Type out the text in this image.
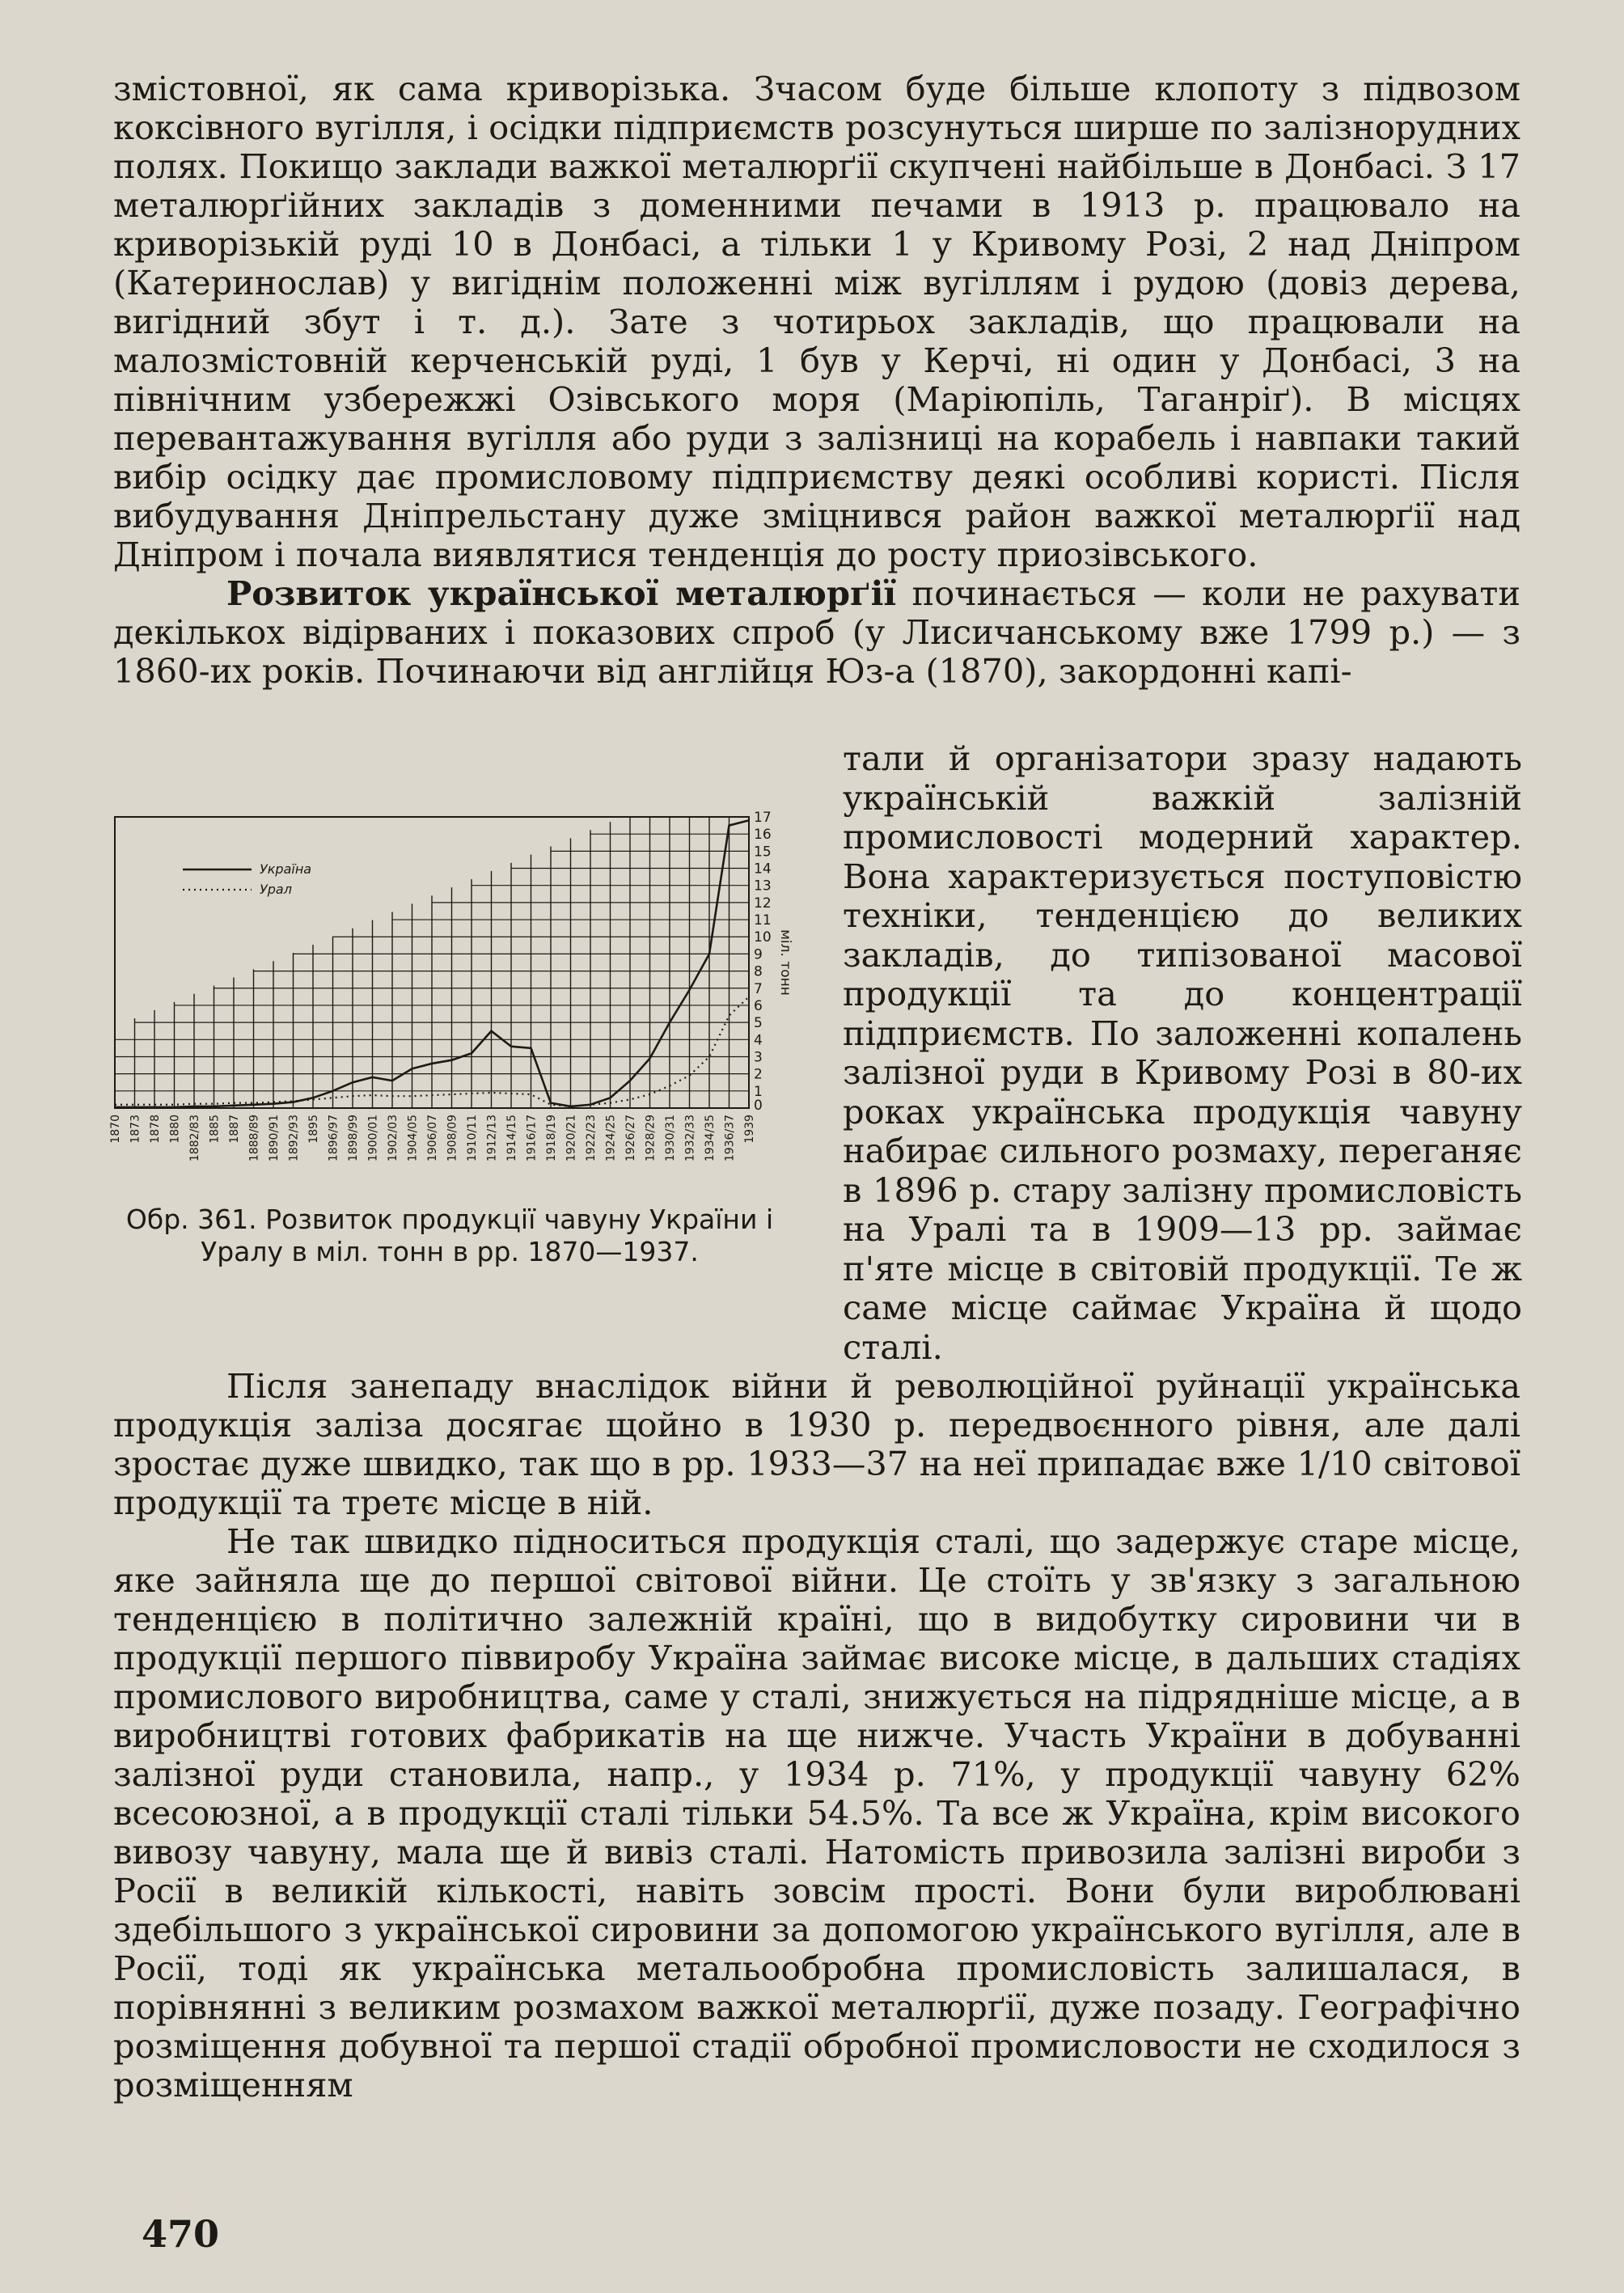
змістовної, як сама криворізька. Зчасом буде більше клопоту з підвозом коксівного вугілля, і осідки підприємств розсунуться ширше по залізнорудних полях. Покищо заклади важкої металюрґії скупчені найбільше в Донбасі. З 17 металюрґійних закладів з доменними печами в 1913 р. працювало на криворізькій руді 10 в Донбасі, а тільки 1 у Кривому Розі, 2 над Дніпром (Катеринослав) у вигіднім положенні між вугіллям і рудою (довіз дерева, вигідний збут і т. д.). Зате з чотирьох закладів, що працювали на малозмістовній керченській руді, 1 був у Керчі, ні один у Донбасі, 3 на північним узбережжі Озівського моря (Маріюпіль, Таганріґ). В місцях перевантажування вугілля або руди з залізниці на корабель і навпаки такий вибір осідку дає промисловому підприємству деякі особливі користі. Після вибудування Дніпрельстану дуже зміцнився район важкої металюрґії над Дніпром і почала виявлятися тенденція до росту приозівського.

Розвиток української металюрґії починається — коли не рахувати декількох відірваних і показових спроб (у Лисичанському вже 1799 р.) — з 1860-их років. Починаючи від англійця Юз-а (1870), закордонні капі-

1
2
3
4
5
6
7
8
9
10
11
12
13
14
15
16
17
0
міл. тонн
1870 1873 1878 1880 1882/83 1885 1887 1888/89 1890/91 1892/93 1895 1896/97 1898/99 1900/01 1902/03 1904/05 1906/07 1908/09 1910/11 1912/13 1914/15 1916/17 1918/19 1920/21 1922/23 1924/25 1926/27 1928/29 1930/31 1932/33 1934/35 1936/37 1939
Україна
Урал
Обр. 361. Розвиток продукції чавуну України і Уралу в міл. тонн в рр. 1870—1937.
тали й організатори зразу надають українській важкій залізній промисловості модерний характер. Вона характеризується поступовістю техніки, тенденцією до великих закладів, до типізованої масової продукції та до концентрації підприємств. По заложенні копалень залізної руди в Кривому Розі в 80-их роках українська продукція чавуну набирає сильного розмаху, переганяє в 1896 р. стару залізну промисловість на Уралі та в 1909—13 рр. займає п'яте місце в світовій продукції. Те ж саме місце саймає Україна й щодо сталі.

Після занепаду внаслідок війни й революційної руйнації українська продукція заліза досягає щойно в 1930 р. передвоєнного рівня, але далі зростає дуже швидко, так що в рр. 1933—37 на неї припадає вже 1/10 світової продукції та третє місце в ній.

Не так швидко підноситься продукція сталі, що задержує старе місце, яке зайняла ще до першої світової війни. Це стоїть у зв'язку з загальною тенденцією в політично залежній країні, що в видобутку сировини чи в продукції першого піввиробу Україна займає високе місце, в дальших стадіях промислового виробництва, саме у сталі, знижується на підрядніше місце, а в виробництві готових фабрикатів на ще нижче. Участь України в добуванні залізної руди становила, напр., у 1934 р. 71%, у продукції чавуну 62% всесоюзної, а в продукції сталі тільки 54.5%. Та все ж Україна, крім високого вивозу чавуну, мала ще й вивіз сталі. Натомість привозила залізні вироби з Росії в великій кількості, навіть зовсім прості. Вони були вироблювані здебільшого з української сировини за допомогою українського вугілля, але в Росії, тоді як українська метальообробна промисловість залишалася, в порівнянні з великим розмахом важкої металюрґії, дуже позаду. Географічно розміщення добувної та першої стадії обробної промисловости не сходилося з розміщенням

470
